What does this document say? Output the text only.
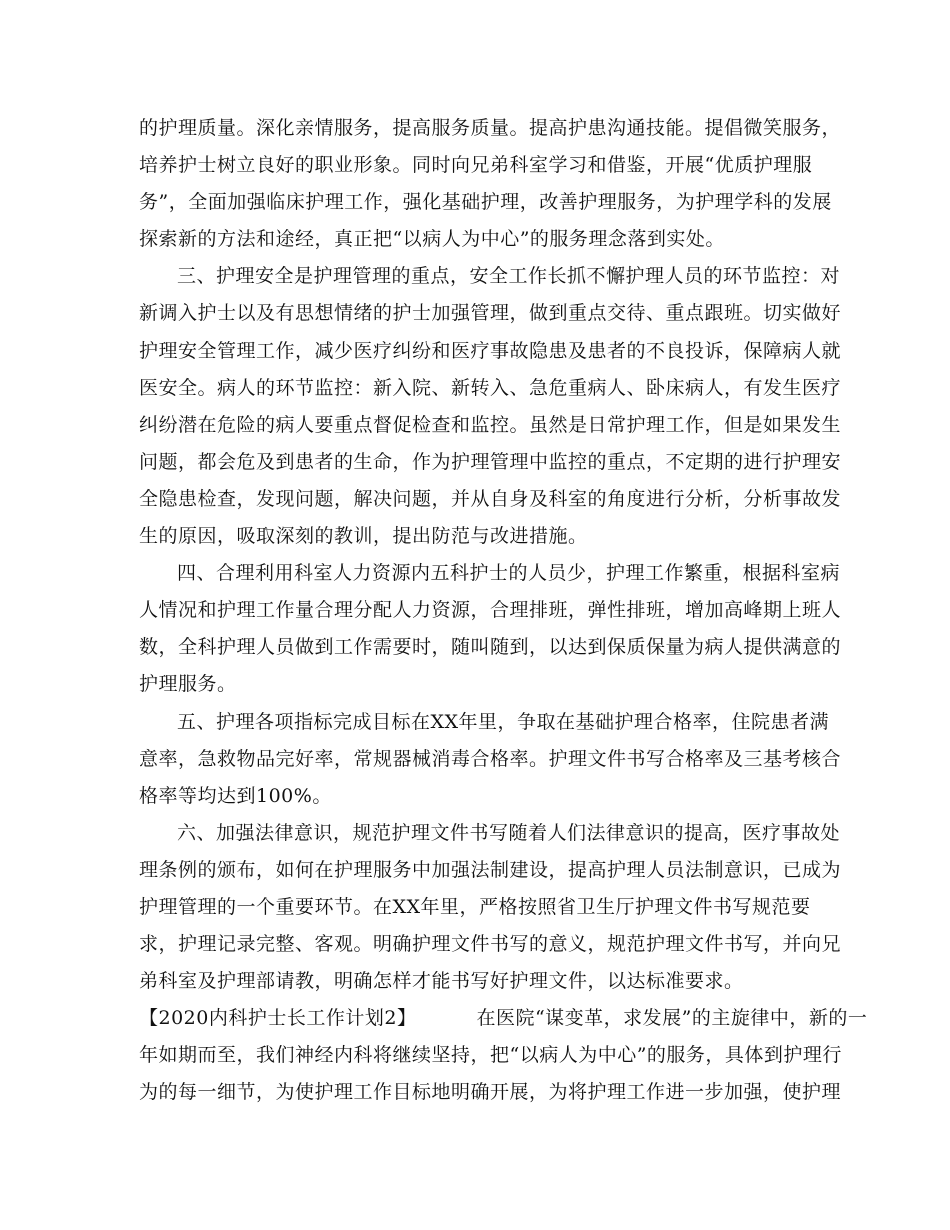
的护理质量。深化亲情服务，提高服务质量。提高护患沟通技能。提倡微笑服务，
培养护士树立良好的职业形象。同时向兄弟科室学习和借鉴，开展“优质护理服
务”，全面加强临床护理工作，强化基础护理，改善护理服务，为护理学科的发展
探索新的方法和途经，真正把“以病人为中心”的服务理念落到实处。
三、护理安全是护理管理的重点，安全工作长抓不懈护理人员的环节监控：对
新调入护士以及有思想情绪的护士加强管理，做到重点交待、重点跟班。切实做好
护理安全管理工作，减少医疗纠纷和医疗事故隐患及患者的不良投诉，保障病人就
医安全。病人的环节监控：新入院、新转入、急危重病人、卧床病人，有发生医疗
纠纷潜在危险的病人要重点督促检查和监控。虽然是日常护理工作，但是如果发生
问题，都会危及到患者的生命，作为护理管理中监控的重点，不定期的进行护理安
全隐患检查，发现问题，解决问题，并从自身及科室的角度进行分析，分析事故发
生的原因，吸取深刻的教训，提出防范与改进措施。
四、合理利用科室人力资源内五科护士的人员少，护理工作繁重，根据科室病
人情况和护理工作量合理分配人力资源，合理排班，弹性排班，增加高峰期上班人
数，全科护理人员做到工作需要时，随叫随到，以达到保质保量为病人提供满意的
护理服务。
五、护理各项指标完成目标在XX年里，争取在基础护理合格率，住院患者满
意率，急救物品完好率，常规器械消毒合格率。护理文件书写合格率及三基考核合
格率等均达到100%。
六、加强法律意识，规范护理文件书写随着人们法律意识的提高，医疗事故处
理条例的颁布，如何在护理服务中加强法制建设，提高护理人员法制意识，已成为
护理管理的一个重要环节。在XX年里，严格按照省卫生厅护理文件书写规范要
求，护理记录完整、客观。明确护理文件书写的意义，规范护理文件书写，并向兄
弟科室及护理部请教，明确怎样才能书写好护理文件，以达标准要求。
【2020内科护士长工作计划2】	在医院“谋变革，求发展”的主旋律中，新的一
年如期而至，我们神经内科将继续坚持，把“以病人为中心”的服务，具体到护理行
为的每一细节，为使护理工作目标地明确开展，为将护理工作进一步加强，使护理
